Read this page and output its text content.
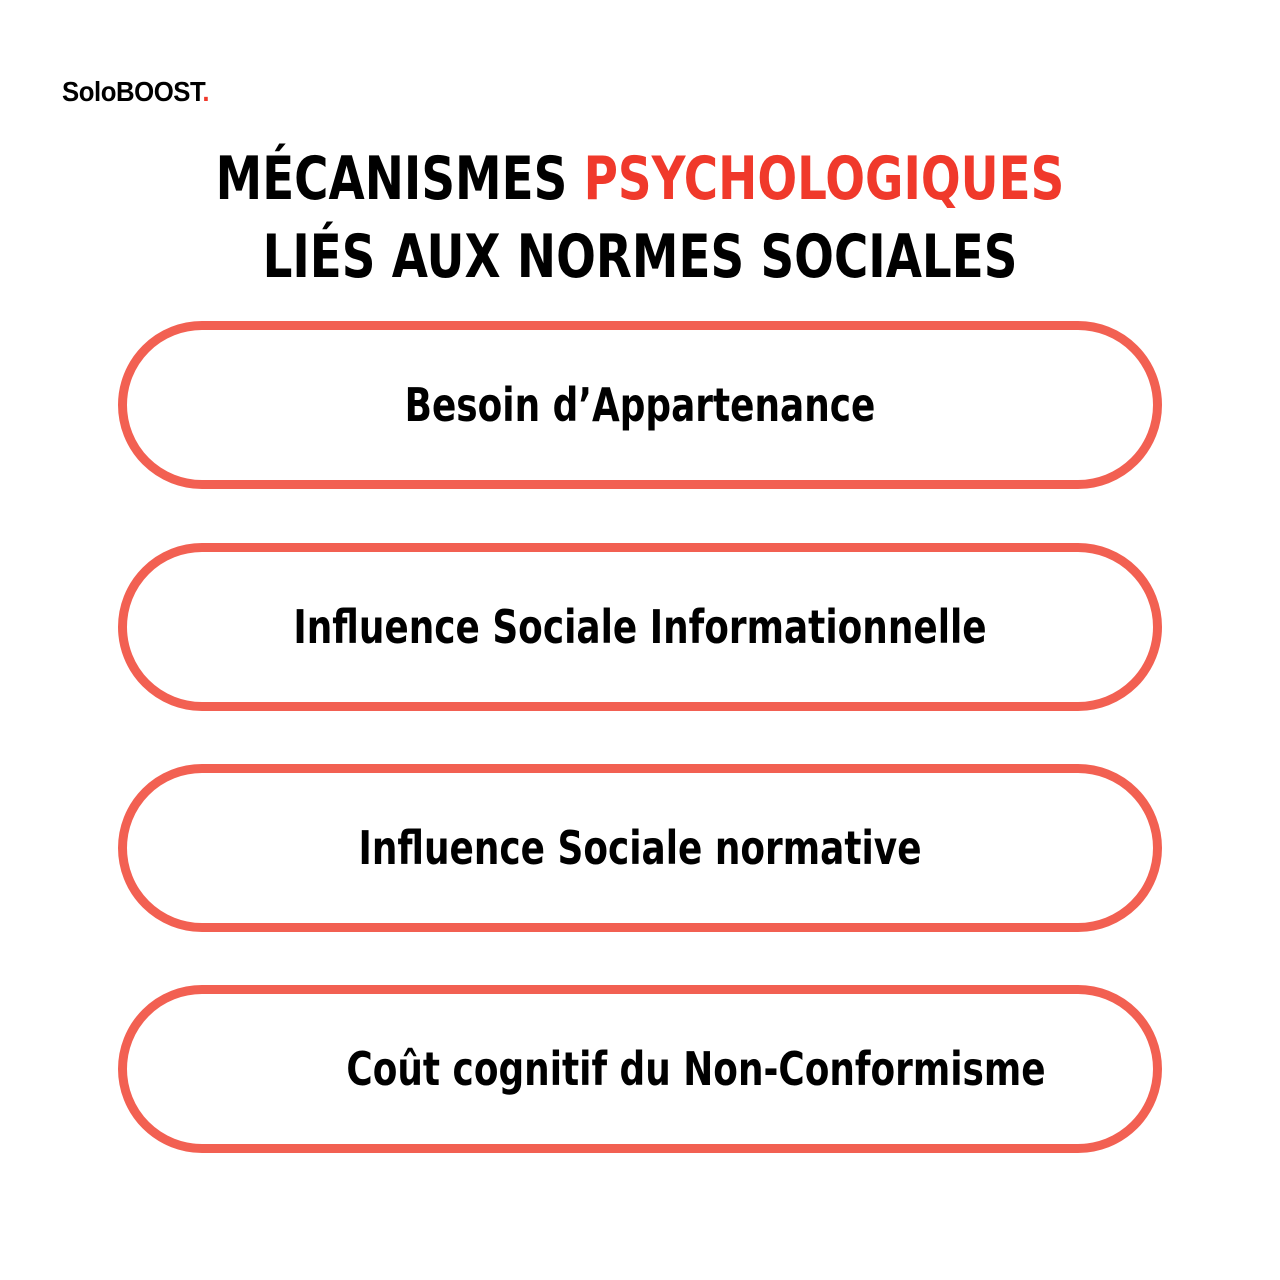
SoloBOOST.
MÉCANISMES PSYCHOLOGIQUES
LIÉS AUX NORMES SOCIALES
Besoin d’Appartenance
Influence Sociale Informationnelle
Influence Sociale normative
Coût cognitif du Non-Conformisme
